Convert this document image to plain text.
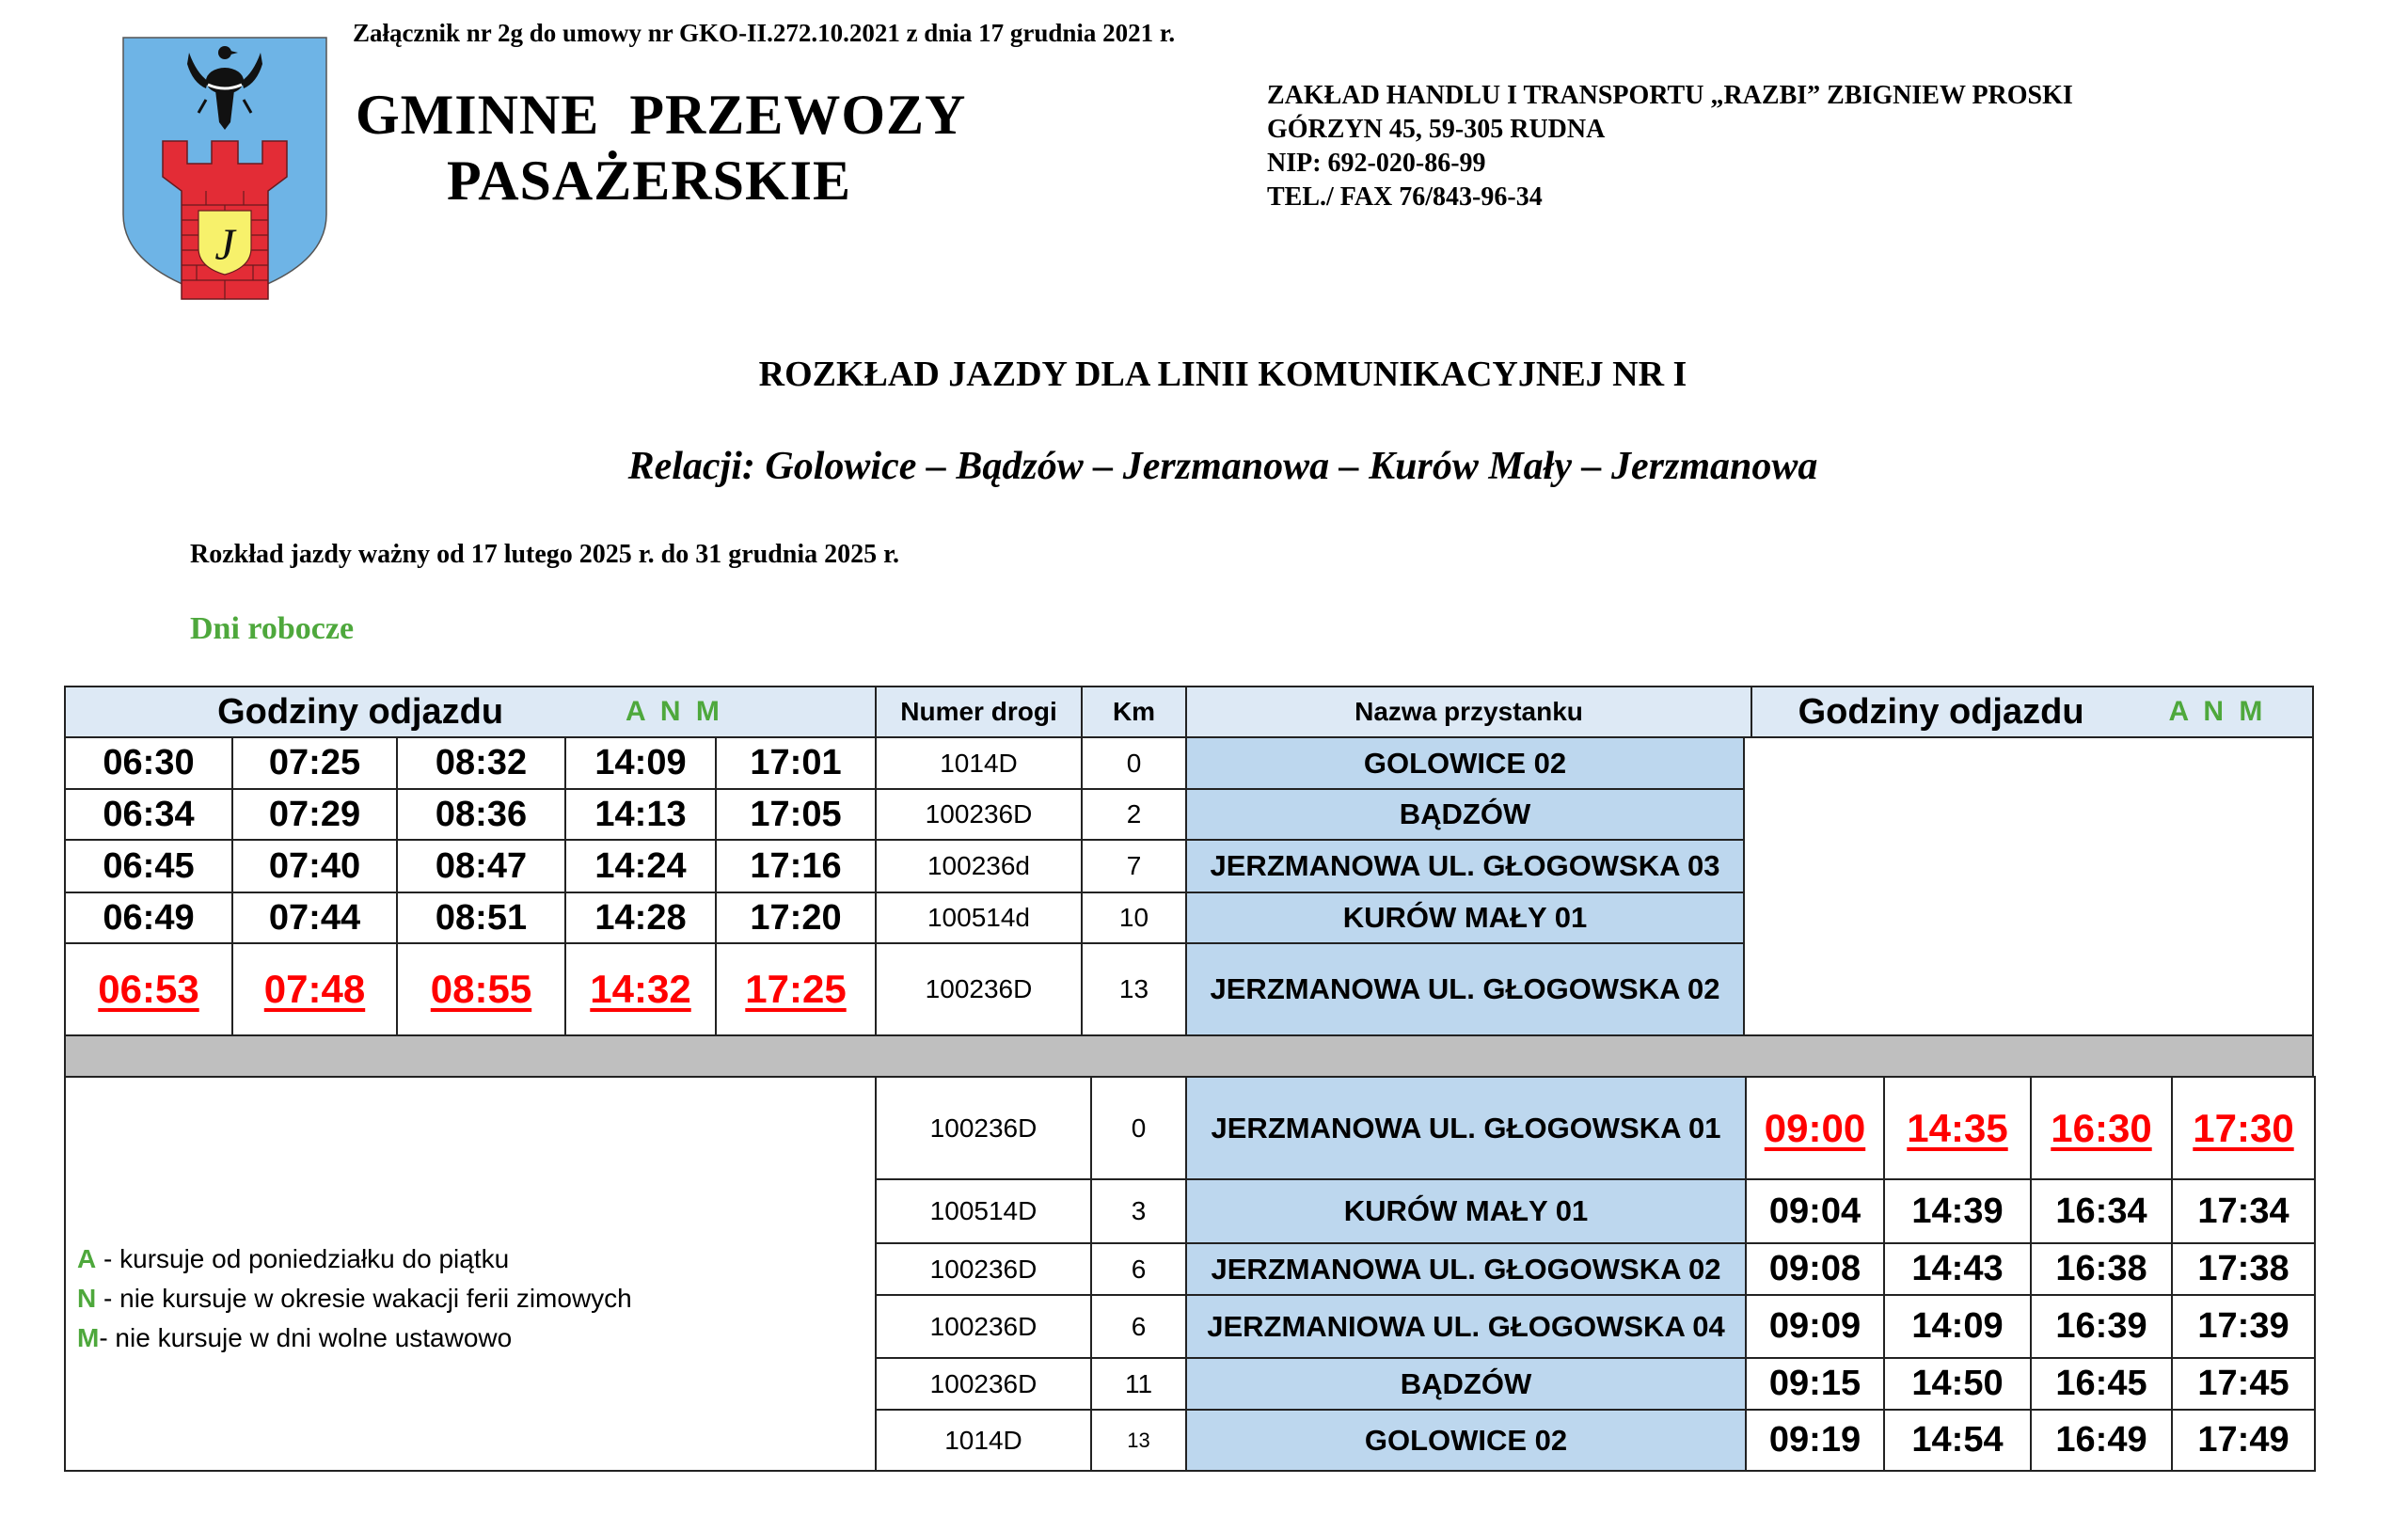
J
Załącznik nr 2g do umowy nr GKO-II.272.10.2021 z dnia 17 grudnia 2021 r.
GMINNE  PRZEWOZY
PASAŻERSKIE
ZAKŁAD HANDLU I TRANSPORTU „RAZBI” ZBIGNIEW PROSKI
GÓRZYN 45, 59-305 RUDNA
NIP: 692-020-86-99
TEL./ FAX 76/843-96-34
ROZKŁAD JAZDY DLA LINII KOMUNIKACYJNEJ NR I
Relacji: Golowice – Bądzów – Jerzmanowa – Kurów Mały – Jerzmanowa
Rozkład jazdy ważny od 17 lutego 2025 r. do 31 grudnia 2025 r.
Dni robocze
Godziny odjazdu	A N M	Numer drogi	Km	Nazwa przystanku	Godziny odjazdu	A N M
06:30	07:25	08:32	14:09	17:01	1014D	0	GOLOWICE 02
06:34	07:29	08:36	14:13	17:05	100236D	2	BĄDZÓW
06:45	07:40	08:47	14:24	17:16	100236d	7	JERZMANOWA UL. GŁOGOWSKA 03
06:49	07:44	08:51	14:28	17:20	100514d	10	KURÓW MAŁY 01
06:53	07:48	08:55	14:32	17:25	100236D	13	JERZMANOWA UL. GŁOGOWSKA 02
A - kursuje od poniedziałku do piątku
N - nie kursuje w okresie wakacji ferii zimowych
M- nie kursuje w dni wolne ustawowo
100236D	0	JERZMANOWA UL. GŁOGOWSKA 01	09:00	14:35	16:30	17:30
100514D	3	KURÓW MAŁY 01	09:04	14:39	16:34	17:34
100236D	6	JERZMANOWA UL. GŁOGOWSKA 02	09:08	14:43	16:38	17:38
100236D	6	JERZMANIOWA UL. GŁOGOWSKA 04	09:09	14:09	16:39	17:39
100236D	11	BĄDZÓW	09:15	14:50	16:45	17:45
1014D	13	GOLOWICE 02	09:19	14:54	16:49	17:49
